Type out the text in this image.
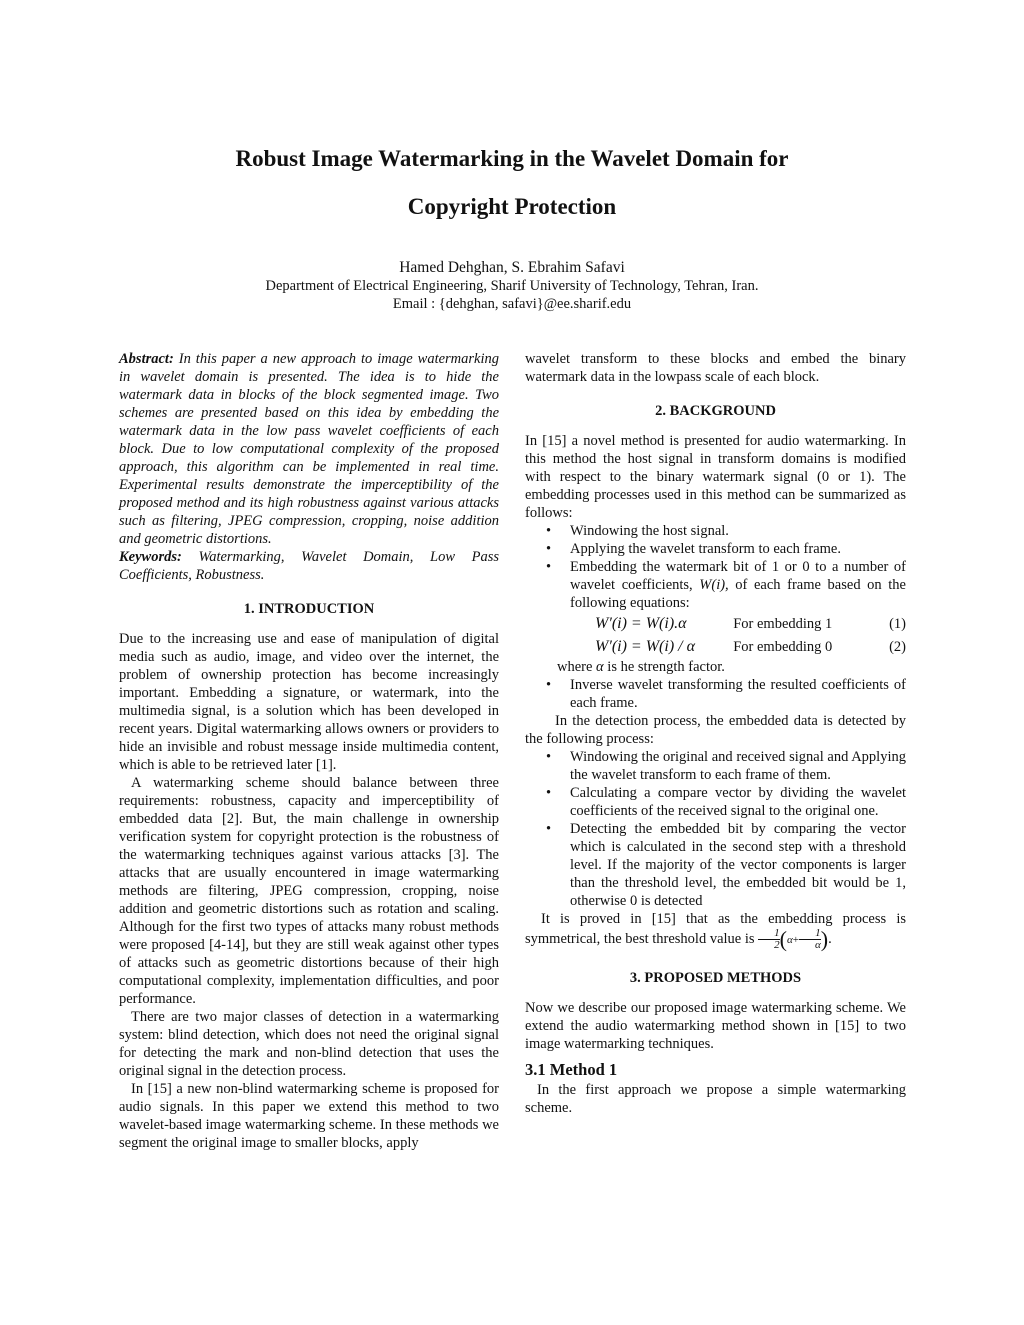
Robust Image Watermarking in the Wavelet Domain for
Copyright Protection
Hamed Dehghan, S. Ebrahim Safavi
Department of Electrical Engineering, Sharif University of Technology, Tehran, Iran.
Email : {dehghan, safavi}@ee.sharif.edu

Abstract: In this paper a new approach to image watermarking in wavelet domain is presented. The idea is to hide the watermark data in blocks of the block segmented image. Two schemes are presented based on this idea by embedding the watermark data in the low pass wavelet coefficients of each block. Due to low computational complexity of the proposed approach, this algorithm can be implemented in real time. Experimental results demonstrate the imperceptibility of the proposed method and its high robustness against various attacks such as filtering, JPEG compression, cropping, noise addition and geometric distortions.

Keywords: Watermarking, Wavelet Domain, Low Pass Coefficients, Robustness.

1. INTRODUCTION

Due to the increasing use and ease of manipulation of digital media such as audio, image, and video over the internet, the problem of ownership protection has become increasingly important. Embedding a signature, or watermark, into the multimedia signal, is a solution which has been developed in recent years. Digital watermarking allows owners or providers to hide an invisible and robust message inside multimedia content, which is able to be retrieved later [1].

A watermarking scheme should balance between three requirements: robustness, capacity and imperceptibility of embedded data [2]. But, the main challenge in ownership verification system for copyright protection is the robustness of the watermarking techniques against various attacks [3]. The attacks that are usually encountered in image watermarking methods are filtering, JPEG compression, cropping, noise addition and geometric distortions such as rotation and scaling. Although for the first two types of attacks many robust methods were proposed [4-14], but they are still weak against other types of attacks such as geometric distortions because of their high computational complexity, implementation difficulties, and poor performance.

There are two major classes of detection in a watermarking system: blind detection, which does not need the original signal for detecting the mark and non-blind detection that uses the original signal in the detection process.

In [15] a new non-blind watermarking scheme is proposed for audio signals. In this paper we extend this method to two wavelet-based image watermarking scheme. In these methods we segment the original image to smaller blocks, apply

wavelet transform to these blocks and embed the binary watermark data in the lowpass scale of each block.

2. BACKGROUND

In [15] a novel method is presented for audio watermarking. In this method the host signal in transform domains is modified with respect to the binary watermark signal (0 or 1). The embedding processes used in this method can be summarized as follows:

• Windowing the host signal.
• Applying the wavelet transform to each frame.
• Embedding the watermark bit of 1 or 0 to a number of wavelet coefficients, W(i), of each frame based on the following equations:
W′(i) = W(i).α	For embedding 1	(1)
W′(i) = W(i) / α	For embedding 0	(2)

where α is he strength factor.

• Inverse wavelet transforming the resulted coefficients of each frame.

In the detection process, the embedded data is detected by the following process:

• Windowing the original and received signal and Applying the wavelet transform to each frame of them.
• Calculating a compare vector by dividing the wavelet coefficients of the received signal to the original one.
• Detecting the embedded bit by comparing the vector which is calculated in the second step with a threshold level. If the majority of the vector components is larger than the threshold level, the embedded bit would be 1, otherwise 0 is detected

It is proved in [15] that as the embedding process is symmetrical, the best threshold value is $\frac{1}{2} (\alpha+ \frac{1}{\alpha}$ ).

3. PROPOSED METHODS

Now we describe our proposed image watermarking scheme. We extend the audio watermarking method shown in [15] to two image watermarking techniques.

3.1 Method 1

In the first approach we propose a simple watermarking scheme.
